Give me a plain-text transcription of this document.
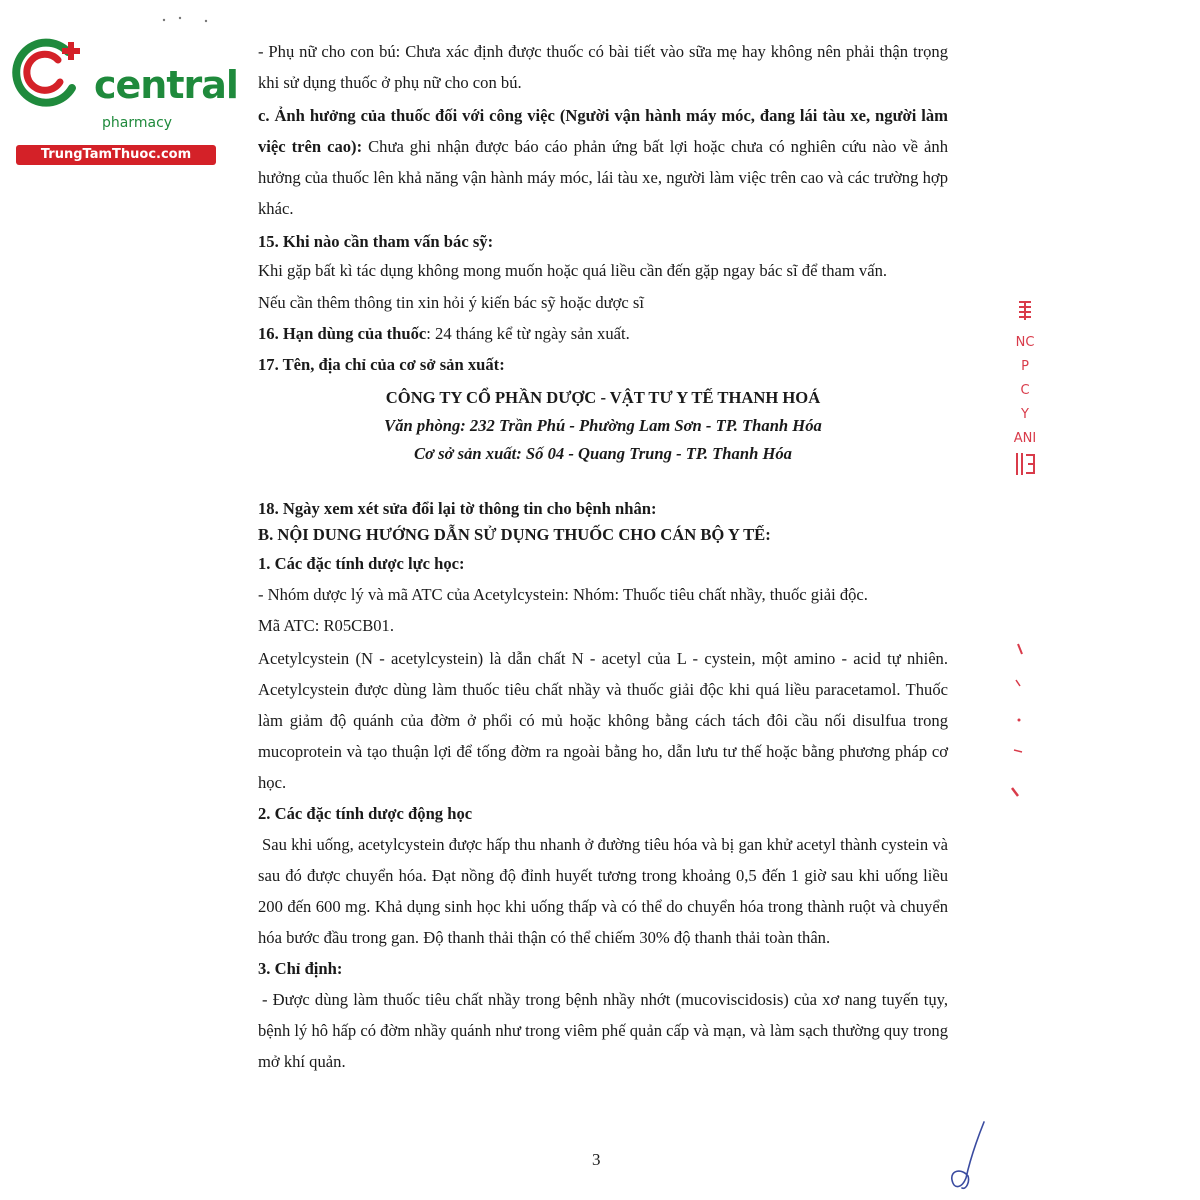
central
pharmacy
TrungTamThuoc.com

- Phụ nữ cho con bú: Chưa xác định được thuốc có bài tiết vào sữa mẹ hay không nên phải thận trọng khi sử dụng thuốc ở phụ nữ cho con bú.

c. Ảnh hưởng của thuốc đối với công việc (Người vận hành máy móc, đang lái tàu xe, người làm việc trên cao): Chưa ghi nhận được báo cáo phản ứng bất lợi hoặc chưa có nghiên cứu nào về ảnh hưởng của thuốc lên khả năng vận hành máy móc, lái tàu xe, người làm việc trên cao và các trường hợp khác.

15. Khi nào cần tham vấn bác sỹ:

Khi gặp bất kì tác dụng không mong muốn hoặc quá liều cần đến gặp ngay bác sĩ để tham vấn.

Nếu cần thêm thông tin xin hỏi ý kiến bác sỹ hoặc dược sĩ

16. Hạn dùng của thuốc: 24 tháng kể từ ngày sản xuất.

17. Tên, địa chỉ của cơ sở sản xuất:

CÔNG TY CỔ PHẦN DƯỢC - VẬT TƯ Y TẾ THANH HOÁ

Văn phòng: 232 Trần Phú - Phường Lam Sơn - TP. Thanh Hóa

Cơ sở sản xuất: Số 04 - Quang Trung - TP. Thanh Hóa

18. Ngày xem xét sửa đổi lại tờ thông tin cho bệnh nhân:

B. NỘI DUNG HƯỚNG DẪN SỬ DỤNG THUỐC CHO CÁN BỘ Y TẾ:

1. Các đặc tính dược lực học:

- Nhóm dược lý và mã ATC của Acetylcystein: Nhóm: Thuốc tiêu chất nhầy, thuốc giải độc.

Mã ATC: R05CB01.

Acetylcystein (N - acetylcystein) là dẫn chất N - acetyl của L - cystein, một amino - acid tự nhiên. Acetylcystein được dùng làm thuốc tiêu chất nhầy và thuốc giải độc khi quá liều paracetamol. Thuốc làm giảm độ quánh của đờm ở phổi có mủ hoặc không bằng cách tách đôi cầu nối disulfua trong mucoprotein và tạo thuận lợi để tống đờm ra ngoài bằng ho, dẫn lưu tư thế hoặc bằng phương pháp cơ học.

2. Các đặc tính dược động học

Sau khi uống, acetylcystein được hấp thu nhanh ở đường tiêu hóa và bị gan khử acetyl thành cystein và sau đó được chuyển hóa. Đạt nồng độ đỉnh huyết tương trong khoảng 0,5 đến 1 giờ sau khi uống liều 200 đến 600 mg. Khả dụng sinh học khi uống thấp và có thể do chuyển hóa trong thành ruột và chuyển hóa bước đầu trong gan. Độ thanh thải thận có thể chiếm 30% độ thanh thải toàn thân.

3. Chỉ định:

- Được dùng làm thuốc tiêu chất nhầy trong bệnh nhầy nhớt (mucoviscidosis) của xơ nang tuyến tụy, bệnh lý hô hấp có đờm nhầy quánh như trong viêm phế quản cấp và mạn, và làm sạch thường quy trong mở khí quản.

3
NC
P
C
Y
ANI
